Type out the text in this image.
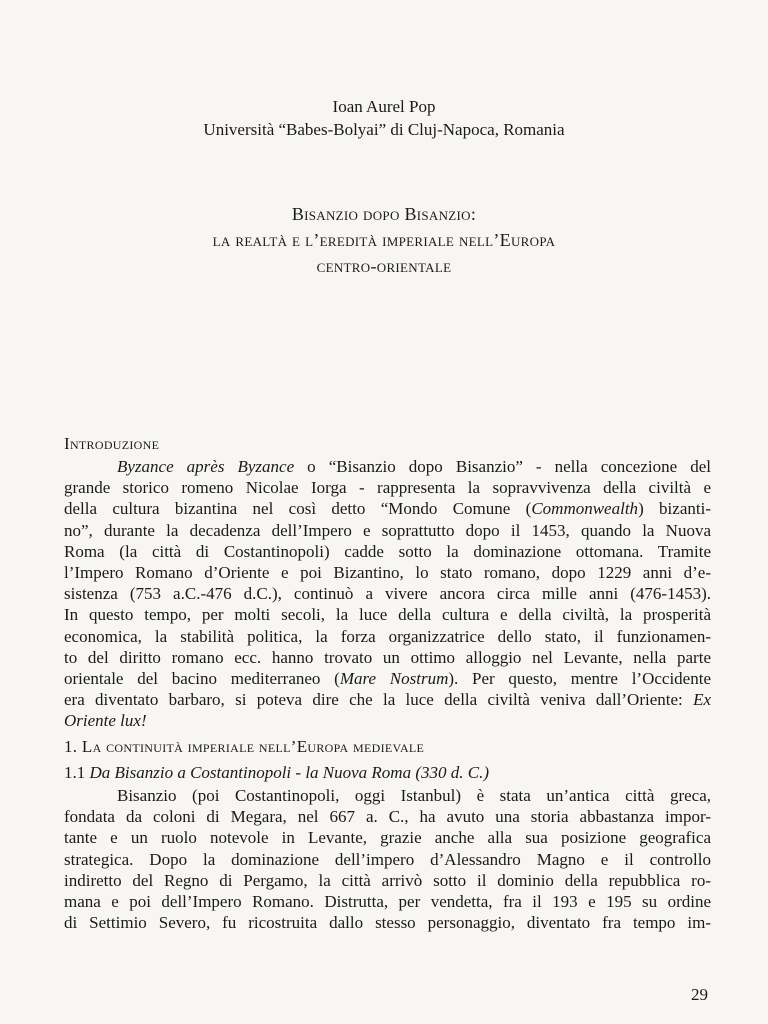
Ioan Aurel Pop
Università “Babes-Bolyai” di Cluj-Napoca, Romania
Bisanzio dopo Bisanzio:
la realtà e l’eredità imperiale nell’Europa
centro-orientale
Introduzione
Byzance après Byzance o “Bisanzio dopo Bisanzio” - nella concezione del
grande storico romeno Nicolae Iorga - rappresenta la sopravvivenza della civiltà e
della cultura bizantina nel così detto “Mondo Comune (Commonwealth) bizanti-
no”, durante la decadenza dell’Impero e soprattutto dopo il 1453, quando la Nuova
Roma (la città di Costantinopoli) cadde sotto la dominazione ottomana. Tramite
l’Impero Romano d’Oriente e poi Bizantino, lo stato romano, dopo 1229 anni d’e-
sistenza (753 a.C.-476 d.C.), continuò a vivere ancora circa mille anni (476-1453).
In questo tempo, per molti secoli, la luce della cultura e della civiltà, la prosperità
economica, la stabilità politica, la forza organizzatrice dello stato, il funzionamen-
to del diritto romano ecc. hanno trovato un ottimo alloggio nel Levante, nella parte
orientale del bacino mediterraneo (Mare Nostrum). Per questo, mentre l’Occidente
era diventato barbaro, si poteva dire che la luce della civiltà veniva dall’Oriente: Ex
Oriente lux!
1. La continuità imperiale nell’Europa medievale
1.1 Da Bisanzio a Costantinopoli - la Nuova Roma (330 d. C.)
Bisanzio (poi Costantinopoli, oggi Istanbul) è stata un’antica città greca,
fondata da coloni di Megara, nel 667 a. C., ha avuto una storia abbastanza impor-
tante e un ruolo notevole in Levante, grazie anche alla sua posizione geografica
strategica. Dopo la dominazione dell’impero d’Alessandro Magno e il controllo
indiretto del Regno di Pergamo, la città arrivò sotto il dominio della repubblica ro-
mana e poi dell’Impero Romano. Distrutta, per vendetta, fra il 193 e 195 su ordine
di Settimio Severo, fu ricostruita dallo stesso personaggio, diventato fra tempo im-
29
